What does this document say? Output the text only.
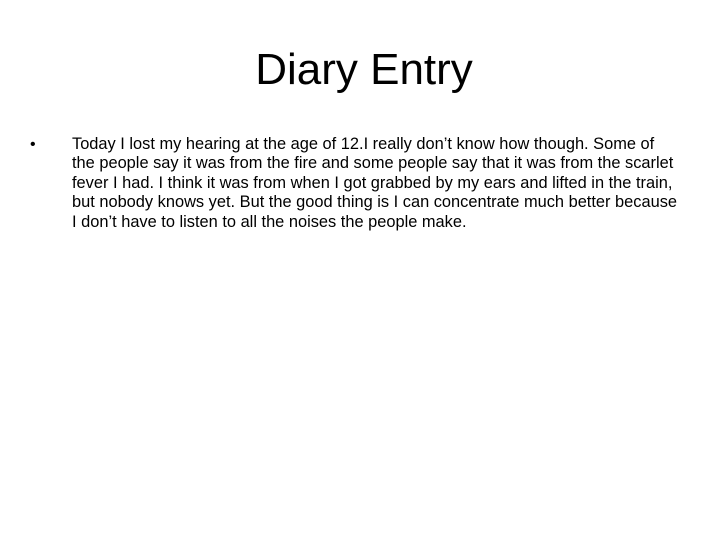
Diary Entry
•	Today I lost my hearing at the age of 12.I really don’t know how though. Some of the people say it was from the fire and some people say that it was from the scarlet fever I had. I think it was from when I got grabbed by my ears and lifted in the train, but nobody knows yet. But the good thing is I can concentrate much better because I don’t have to listen to all the noises the people make.
